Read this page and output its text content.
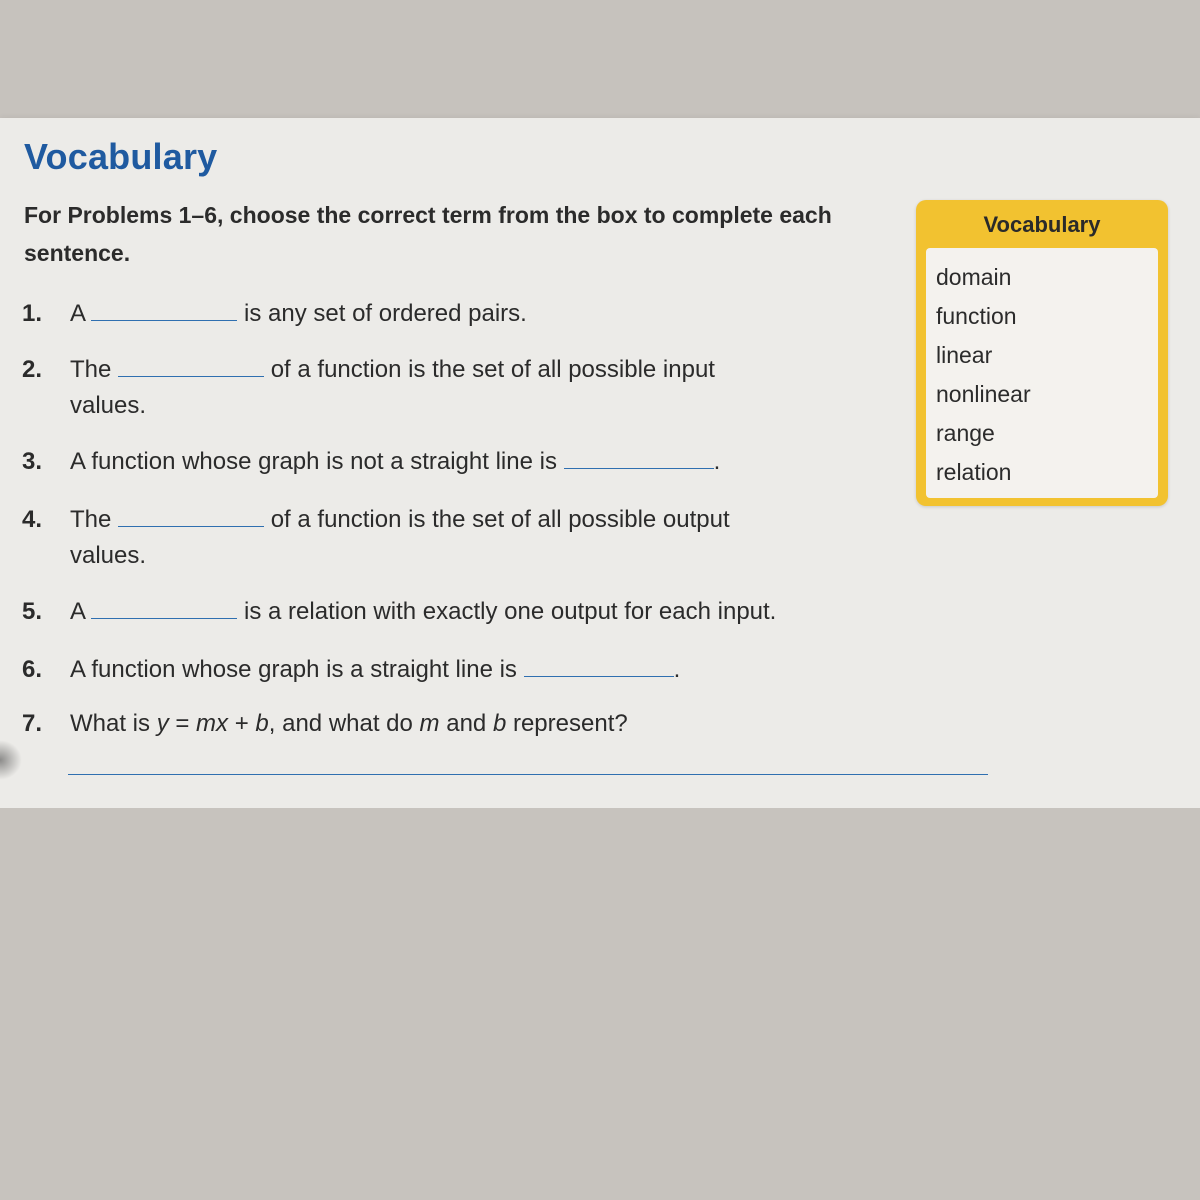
Vocabulary

For Problems 1–6, choose the correct term from the box to complete each sentence.

1. A	is any set of ordered pairs.
2. The	of a function is the set of all possible input
values.
3. A function whose graph is not a straight line is	.
4. The	of a function is the set of all possible output
values.
5. A	is a relation with exactly one output for each input.
6. A function whose graph is a straight line is	.
7. What is y = mx + b, and what do m and b represent?
Vocabulary
domain
function
linear
nonlinear
range
relation
